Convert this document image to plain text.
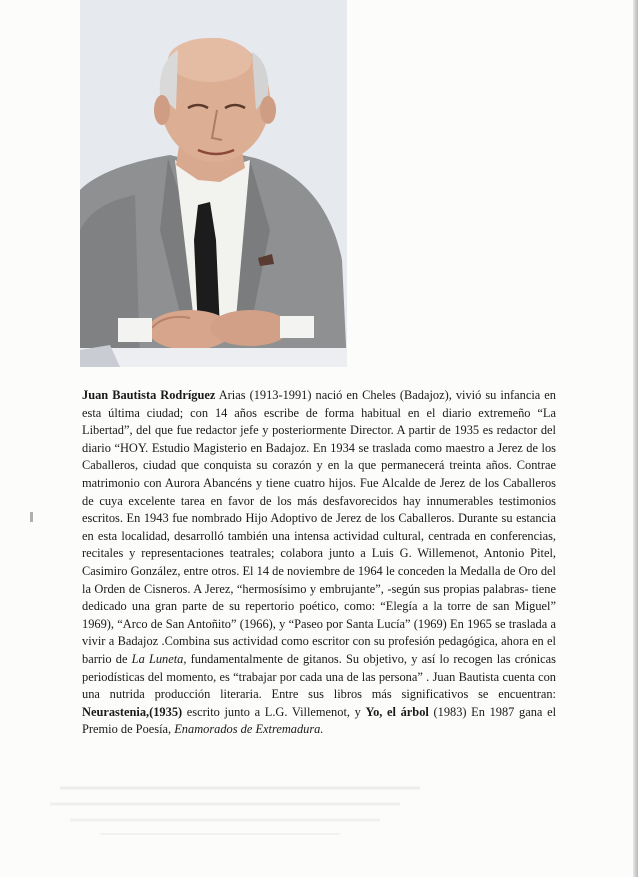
Juan Bautista Rodríguez Arias (1913-1991) nació en Cheles (Badajoz), vivió su infancia en esta última ciudad; con 14 años escribe de forma habitual en el diario extremeño “La Libertad”, del que fue redactor jefe y posteriormente Director. A partir de 1935 es redactor del diario “HOY. Estudio Magisterio en Badajoz. En 1934 se traslada como maestro a Jerez de los Caballeros, ciudad que conquista su corazón y en la que permanecerá treinta años. Contrae matrimonio con Aurora Abancéns y tiene cuatro hijos. Fue Alcalde de Jerez de los Caballeros de cuya excelente tarea en favor de los más desfavorecidos hay innumerables testimonios escritos. En 1943 fue nombrado Hijo Adoptivo de Jerez de los Caballeros. Durante su estancia en esta localidad, desarrolló también una intensa actividad cultural, centrada en conferencias, recitales y representaciones teatrales; colabora junto a Luis G. Willemenot, Antonio Pitel, Casimiro González, entre otros. El 14 de noviembre de 1964 le conceden la Medalla de Oro del la Orden de Cisneros. A Jerez, “hermosísimo y embrujante”, -según sus propias palabras- tiene dedicado una gran parte de su repertorio poético, como: “Elegía a la torre de san Miguel” 1969), “Arco de San Antoñito” (1966), y “Paseo por Santa Lucía” (1969) En 1965 se traslada a vivir a Badajoz .Combina sus actividad como escritor con su profesión pedagógica, ahora en el barrio de La Luneta, fundamentalmente de gitanos. Su objetivo, y así lo recogen las crónicas periodísticas del momento, es “trabajar por cada una de las persona” . Juan Bautista cuenta con una nutrida producción literaria. Entre sus libros más significativos se encuentran: Neurastenia,(1935) escrito junto a L.G. Villemenot, y Yo, el árbol (1983) En 1987 gana el Premio de Poesía, Enamorados de Extremadura.
